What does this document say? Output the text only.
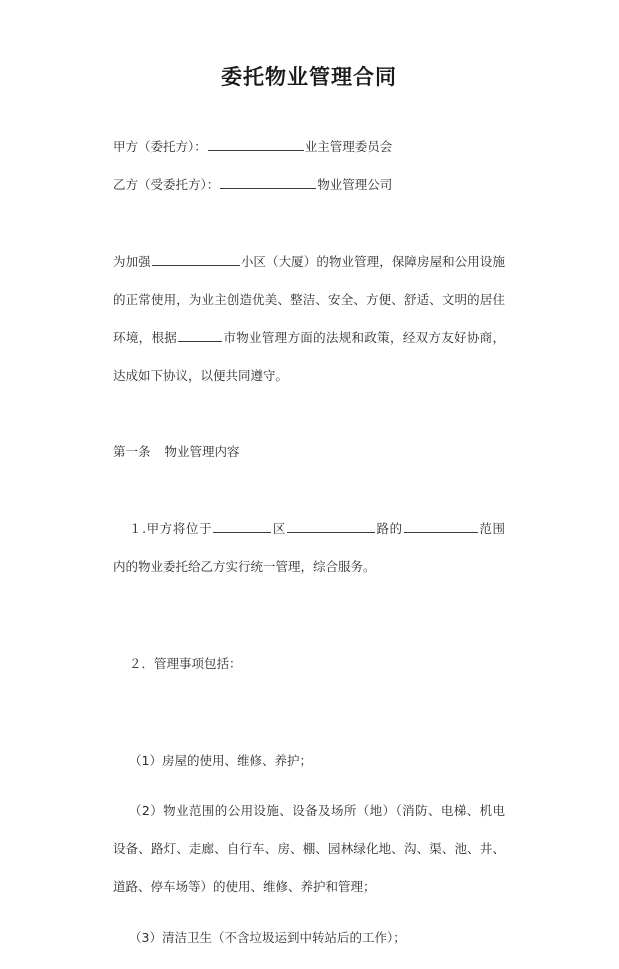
委托物业管理合同
甲方（委托方）：	业主管理委员会
乙方（受委托方）：	物业管理公司

为加强	小区（大厦）的物业管理，保障房屋和公用设施的正常使用，为业主创造优美、整洁、安全、方便、舒适、文明的居住环境，根据	市物业管理方面的法规和政策，经双方友好协商，达成如下协议，以便共同遵守。

第一条 物业管理内容

１.甲方将位于	区	路的	范围内的物业委托给乙方实行统一管理，综合服务。

２．管理事项包括：

（1）房屋的使用、维修、养护；

（2）物业范围的公用设施、设备及场所（地）（消防、电梯、机电设备、路灯、走廊、自行车、房、棚、园林绿化地、沟、渠、池、井、道路、停车场等）的使用、维修、养护和管理；

（3）清洁卫生（不含垃圾运到中转站后的工作）；
